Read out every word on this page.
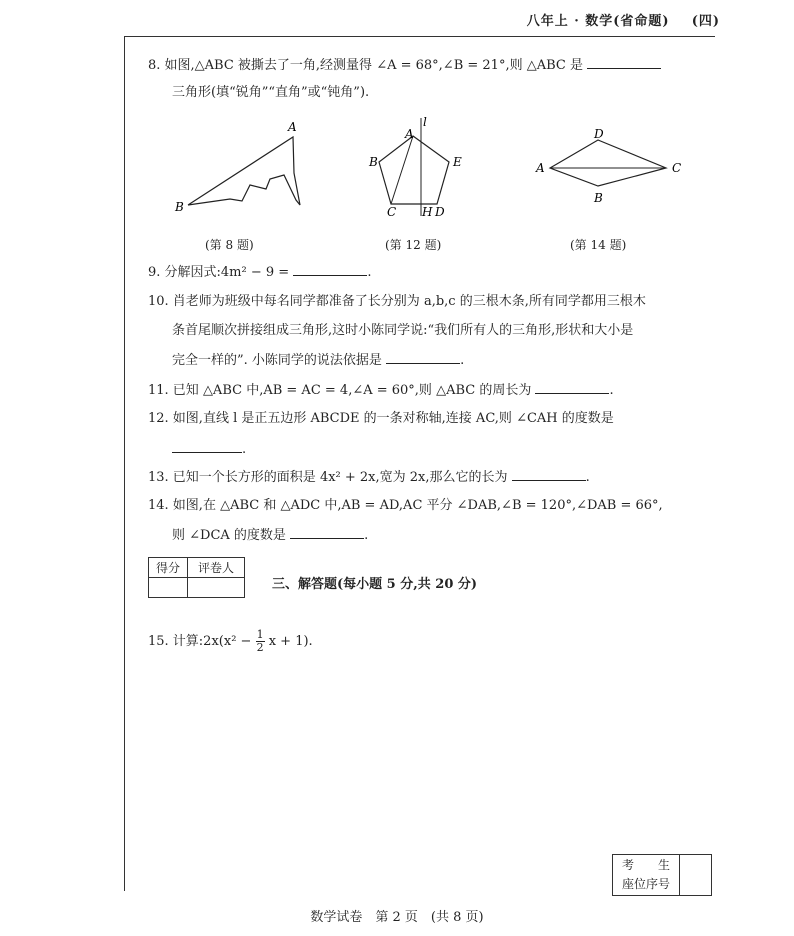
八年上 · 数学(省命题) (四)
8. 如图,△ABC 被撕去了一角,经测量得 ∠A = 68°,∠B = 21°,则 △ABC 是
三角形(填“锐角”“直角”或“钝角”).
A
B
(第 8 题)
A
B
C	D
E
H
l
(第 12 题)
A
B
C
D
(第 14 题)
9. 分解因式:4m² − 9 =	.
10. 肖老师为班级中每名同学都准备了长分别为 a,b,c 的三根木条,所有同学都用三根木
条首尾顺次拼接组成三角形,这时小陈同学说:“我们所有人的三角形,形状和大小是
完全一样的”. 小陈同学的说法依据是	.
11. 已知 △ABC 中,AB = AC = 4,∠A = 60°,则 △ABC 的周长为	.
12. 如图,直线 l 是正五边形 ABCDE 的一条对称轴,连接 AC,则 ∠CAH 的度数是
.
13. 已知一个长方形的面积是 4x² + 2x,宽为 2x,那么它的长为	.
14. 如图,在 △ABC 和 △ADC 中,AB = AD,AC 平分 ∠DAB,∠B = 120°,∠DAB = 66°,
则 ∠DCA 的度数是	.
得分	评卷人

三、解答题(每小题 5 分,共 20 分)
15. 计算:2x(x² − $\frac{1}{2}$ x + 1).
考　　生
座位序号
数学试卷　第 2 页　(共 8 页)
